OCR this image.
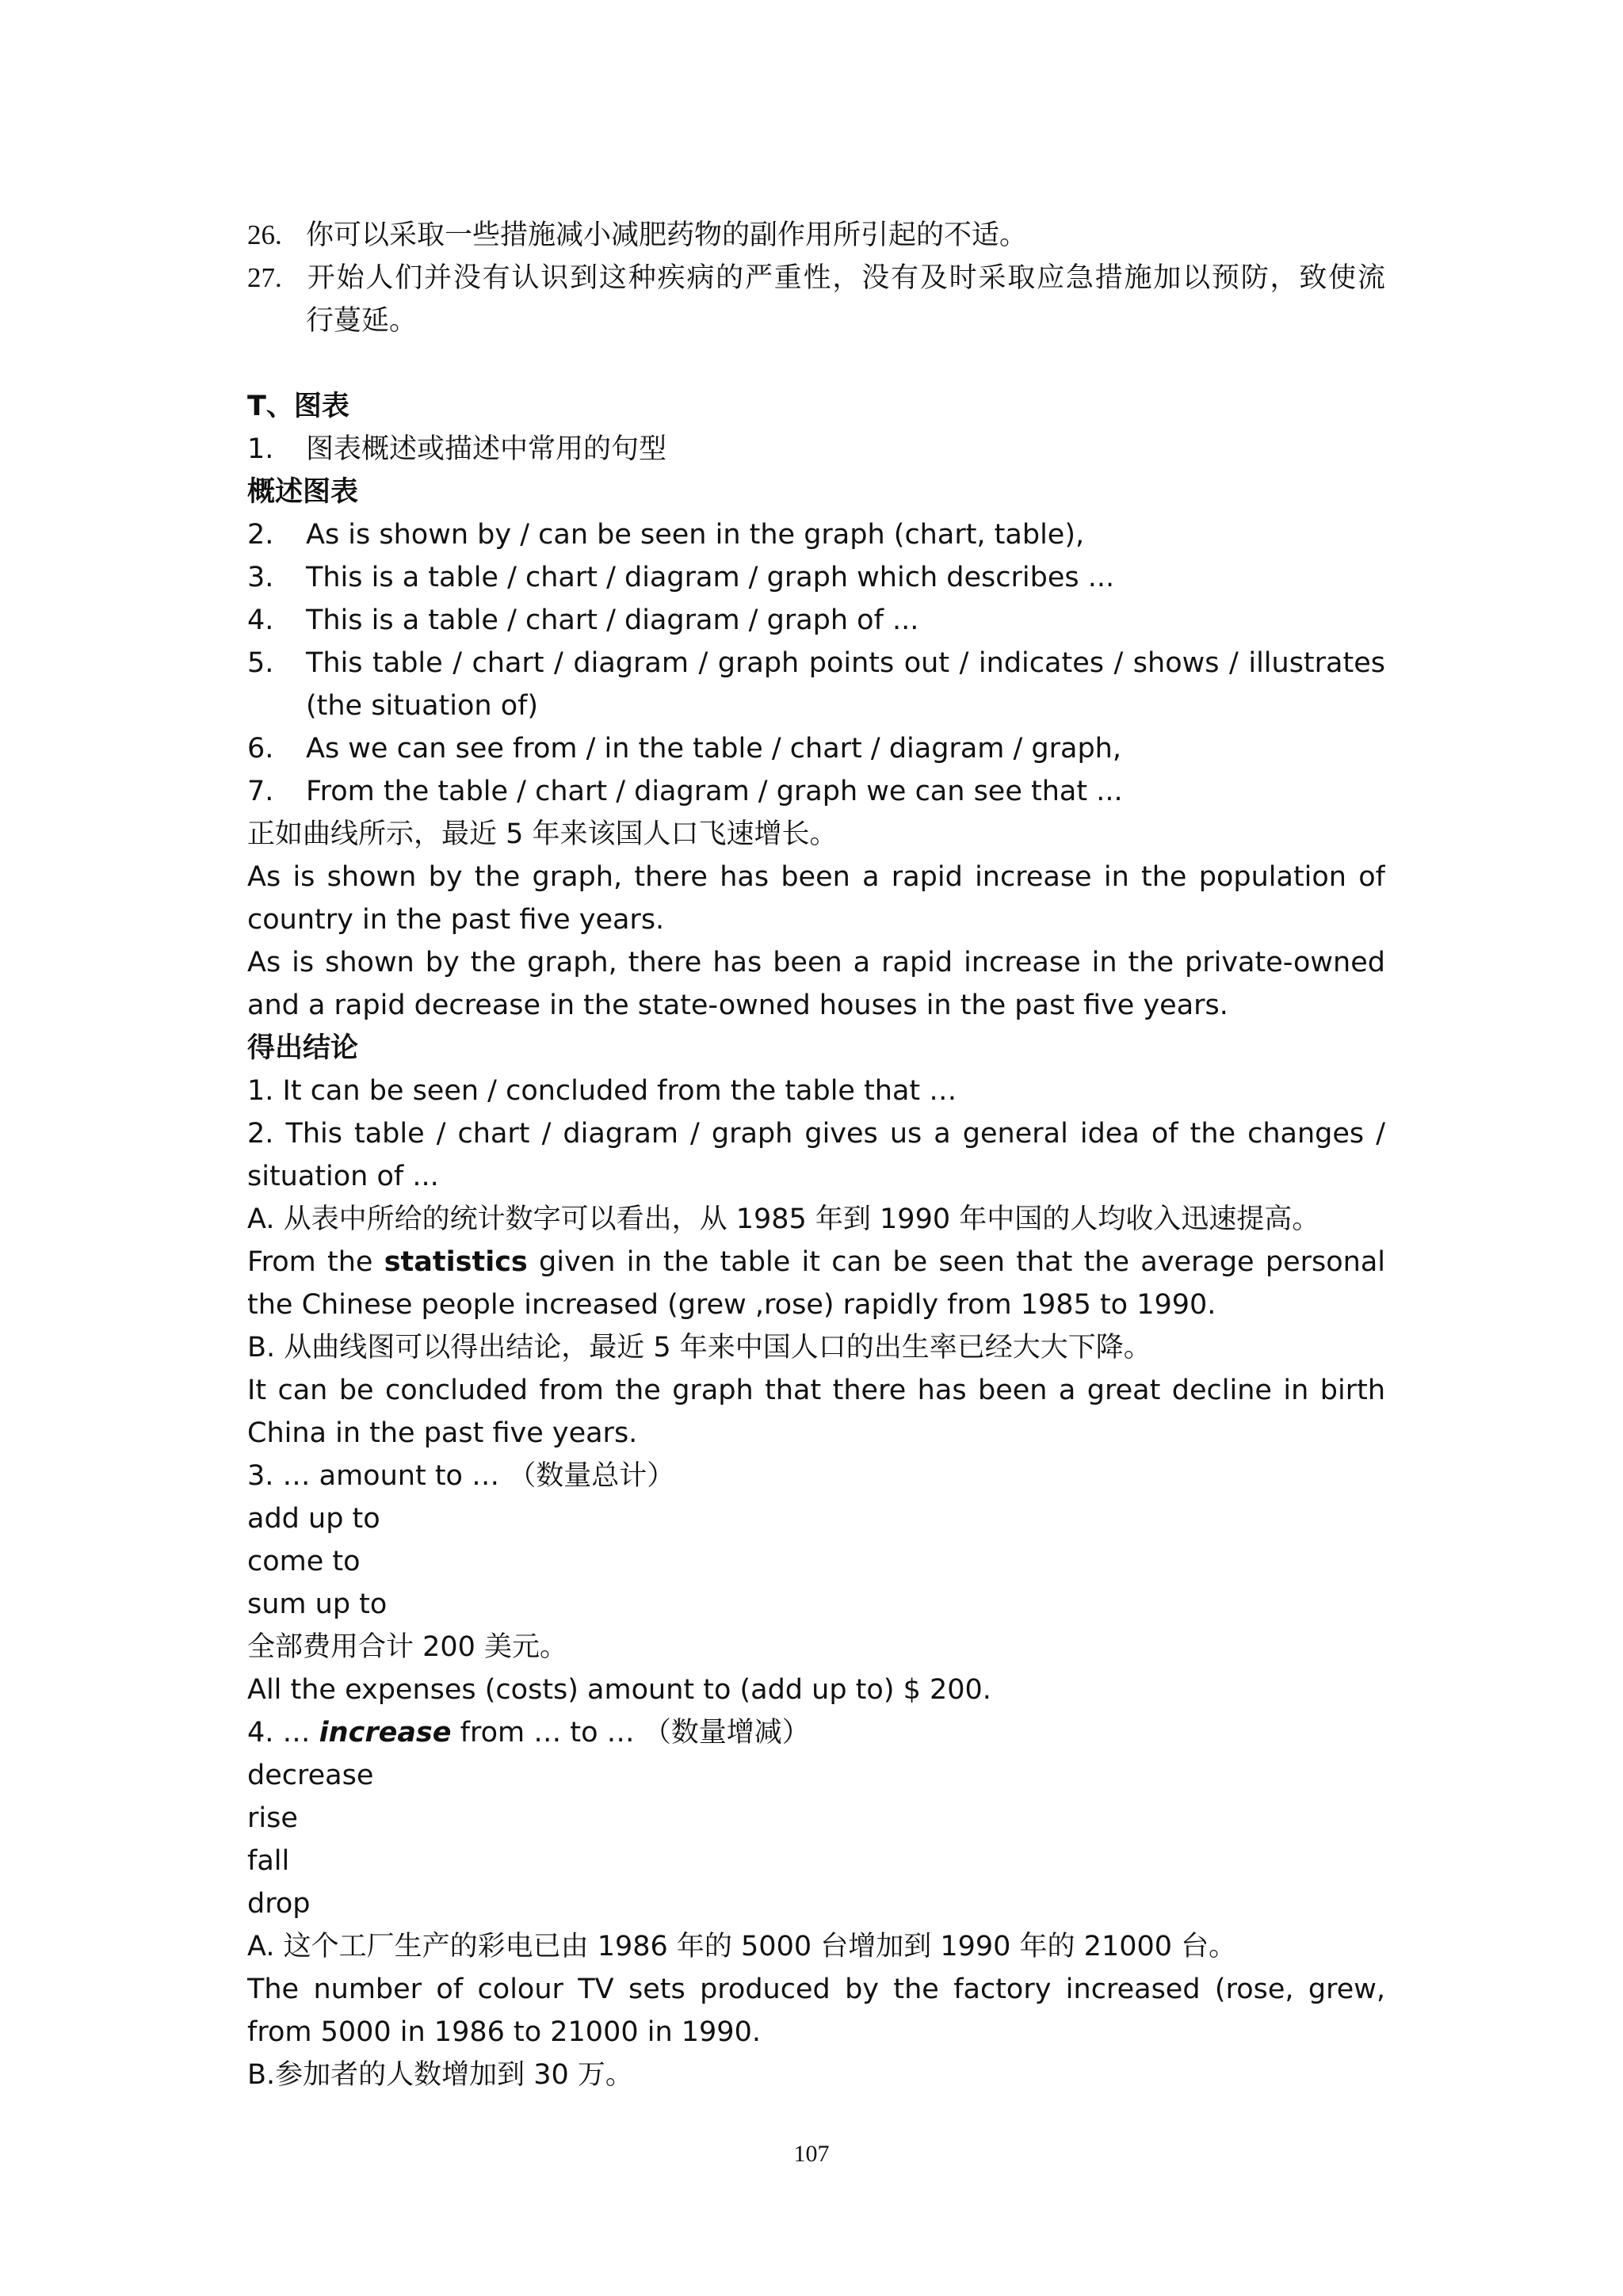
26. 你可以采取一些措施减小减肥药物的副作用所引起的不适。
27. 开始人们并没有认识到这种疾病的严重性，没有及时采取应急措施加以预防，致使流
行蔓延。
T、图表
1. 图表概述或描述中常用的句型
概述图表
2. As is shown by / can be seen in the graph (chart, table),
3. This is a table / chart / diagram / graph which describes ...
4. This is a table / chart / diagram / graph of ...
5. This table / chart / diagram / graph points out / indicates / shows / illustrates
(the situation of)
6. As we can see from / in the table / chart / diagram / graph,
7. From the table / chart / diagram / graph we can see that ...
正如曲线所示，最近 5 年来该国人口飞速增长。
As is shown by the graph, there has been a rapid increase in the population of
country in the past five years.
As is shown by the graph, there has been a rapid increase in the private-owned
and a rapid decrease in the state-owned houses in the past five years.
得出结论
1. It can be seen / concluded from the table that …
2. This table / chart / diagram / graph gives us a general idea of the changes /
situation of ...
A. 从表中所给的统计数字可以看出，从 1985 年到 1990 年中国的人均收入迅速提高。
From the statistics given in the table it can be seen that the average personal
the Chinese people increased (grew ,rose) rapidly from 1985 to 1990.
B. 从曲线图可以得出结论，最近 5 年来中国人口的出生率已经大大下降。
It can be concluded from the graph that there has been a great decline in birth
China in the past five years.
3. … amount to … （数量总计）
add up to
come to
sum up to
全部费用合计 200 美元。
All the expenses (costs) amount to (add up to) $ 200.
4. … increase from … to … （数量增减）
decrease
rise
fall
drop
A. 这个工厂生产的彩电已由 1986 年的 5000 台增加到 1990 年的 21000 台。
The number of colour TV sets produced by the factory increased (rose, grew,
from 5000 in 1986 to 21000 in 1990.
B.参加者的人数增加到 30 万。
107
